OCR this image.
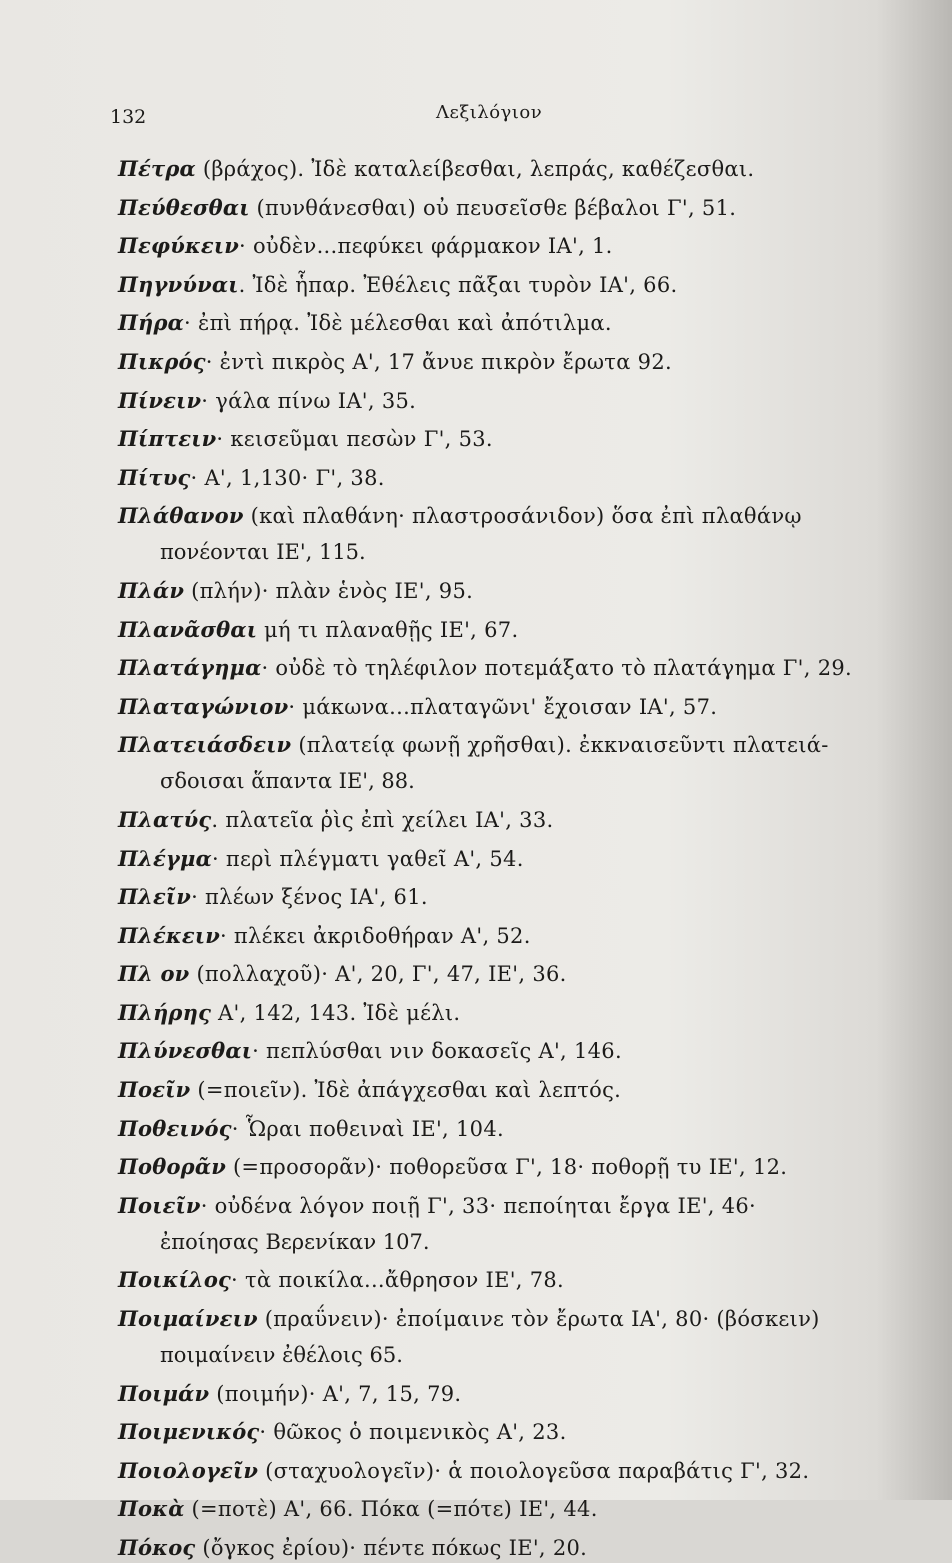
132	Λεξιλόγιον
Πέτρα (βράχος). Ἰδὲ καταλείβεσθαι, λεπράς, καθέζεσθαι.
Πεύθεσθαι (πυνθάνεσθαι) οὐ πευσεῖσθε βέβαλοι Γ', 51.
Πεφύκειν· οὐδὲν...πεφύκει φάρμακον ΙΑ', 1.
Πηγνύναι. Ἰδὲ ἧπαρ. Ἐθέλεις πᾶξαι τυρὸν ΙΑ', 66.
Πήρα· ἐπὶ πήρᾳ. Ἰδὲ μέλεσθαι καὶ ἀπότιλμα.
Πικρός· ἐντὶ πικρὸς Α', 17 ἄνυε πικρὸν ἔρωτα 92.
Πίνειν· γάλα πίνω ΙΑ', 35.
Πίπτειν· κεισεῦμαι πεσὼν Γ', 53.
Πίτυς· Α', 1,130· Γ', 38.
Πλάθανον (καὶ πλαθάνη· πλαστροσάνιδον) ὅσα ἐπὶ πλαθάνῳ
πονέονται ΙΕ', 115.
Πλάν (πλήν)· πλὰν ἑνὸς ΙΕ', 95.
Πλανᾶσθαι μή τι πλαναθῇς ΙΕ', 67.
Πλατάγημα· οὐδὲ τὸ τηλέφιλον ποτεμάξατο τὸ πλατάγημα Γ', 29.
Πλαταγώνιον· μάκωνα...πλαταγῶνι' ἔχοισαν ΙΑ', 57.
Πλατειάσδειν (πλατείᾳ φωνῇ χρῆσθαι). ἐκκναισεῦντι πλατειά-
σδοισαι ἅπαντα ΙΕ', 88.
Πλατύς. πλατεῖα ῥὶς ἐπὶ χείλει ΙΑ', 33.
Πλέγμα· περὶ πλέγματι γαθεῖ Α', 54.
Πλεῖν· πλέων ξένος ΙΑ', 61.
Πλέκειν· πλέκει ἀκριδοθήραν Α', 52.
Πλ ον (πολλαχοῦ)· Α', 20, Γ', 47, ΙΕ', 36.
Πλήρης Α', 142, 143. Ἰδὲ μέλι.
Πλύνεσθαι· πεπλύσθαι νιν δοκασεῖς Α', 146.
Ποεῖν (=ποιεῖν). Ἰδὲ ἀπάγχεσθαι καὶ λεπτός.
Ποθεινός· Ὧραι ποθειναὶ ΙΕ', 104.
Ποθορᾶν (=προσορᾶν)· ποθορεῦσα Γ', 18· ποθορῇ τυ ΙΕ', 12.
Ποιεῖν· οὐδένα λόγον ποιῇ Γ', 33· πεποίηται ἔργα ΙΕ', 46·
ἐποίησας Βερενίκαν 107.
Ποικίλος· τὰ ποικίλα...ἄθρησον ΙΕ', 78.
Ποιμαίνειν (πραΰνειν)· ἐποίμαινε τὸν ἔρωτα ΙΑ', 80· (βόσκειν)
ποιμαίνειν ἐθέλοις 65.
Ποιμάν (ποιμήν)· Α', 7, 15, 79.
Ποιμενικός· θῶκος ὁ ποιμενικὸς Α', 23.
Ποιολογεῖν (σταχυολογεῖν)· ἁ ποιολογεῦσα παραβάτις Γ', 32.
Ποκὰ (=ποτὲ) Α', 66. Πόκα (=πότε) ΙΕ', 44.
Πόκος (ὄγκος ἐρίου)· πέντε πόκως ΙΕ', 20.
